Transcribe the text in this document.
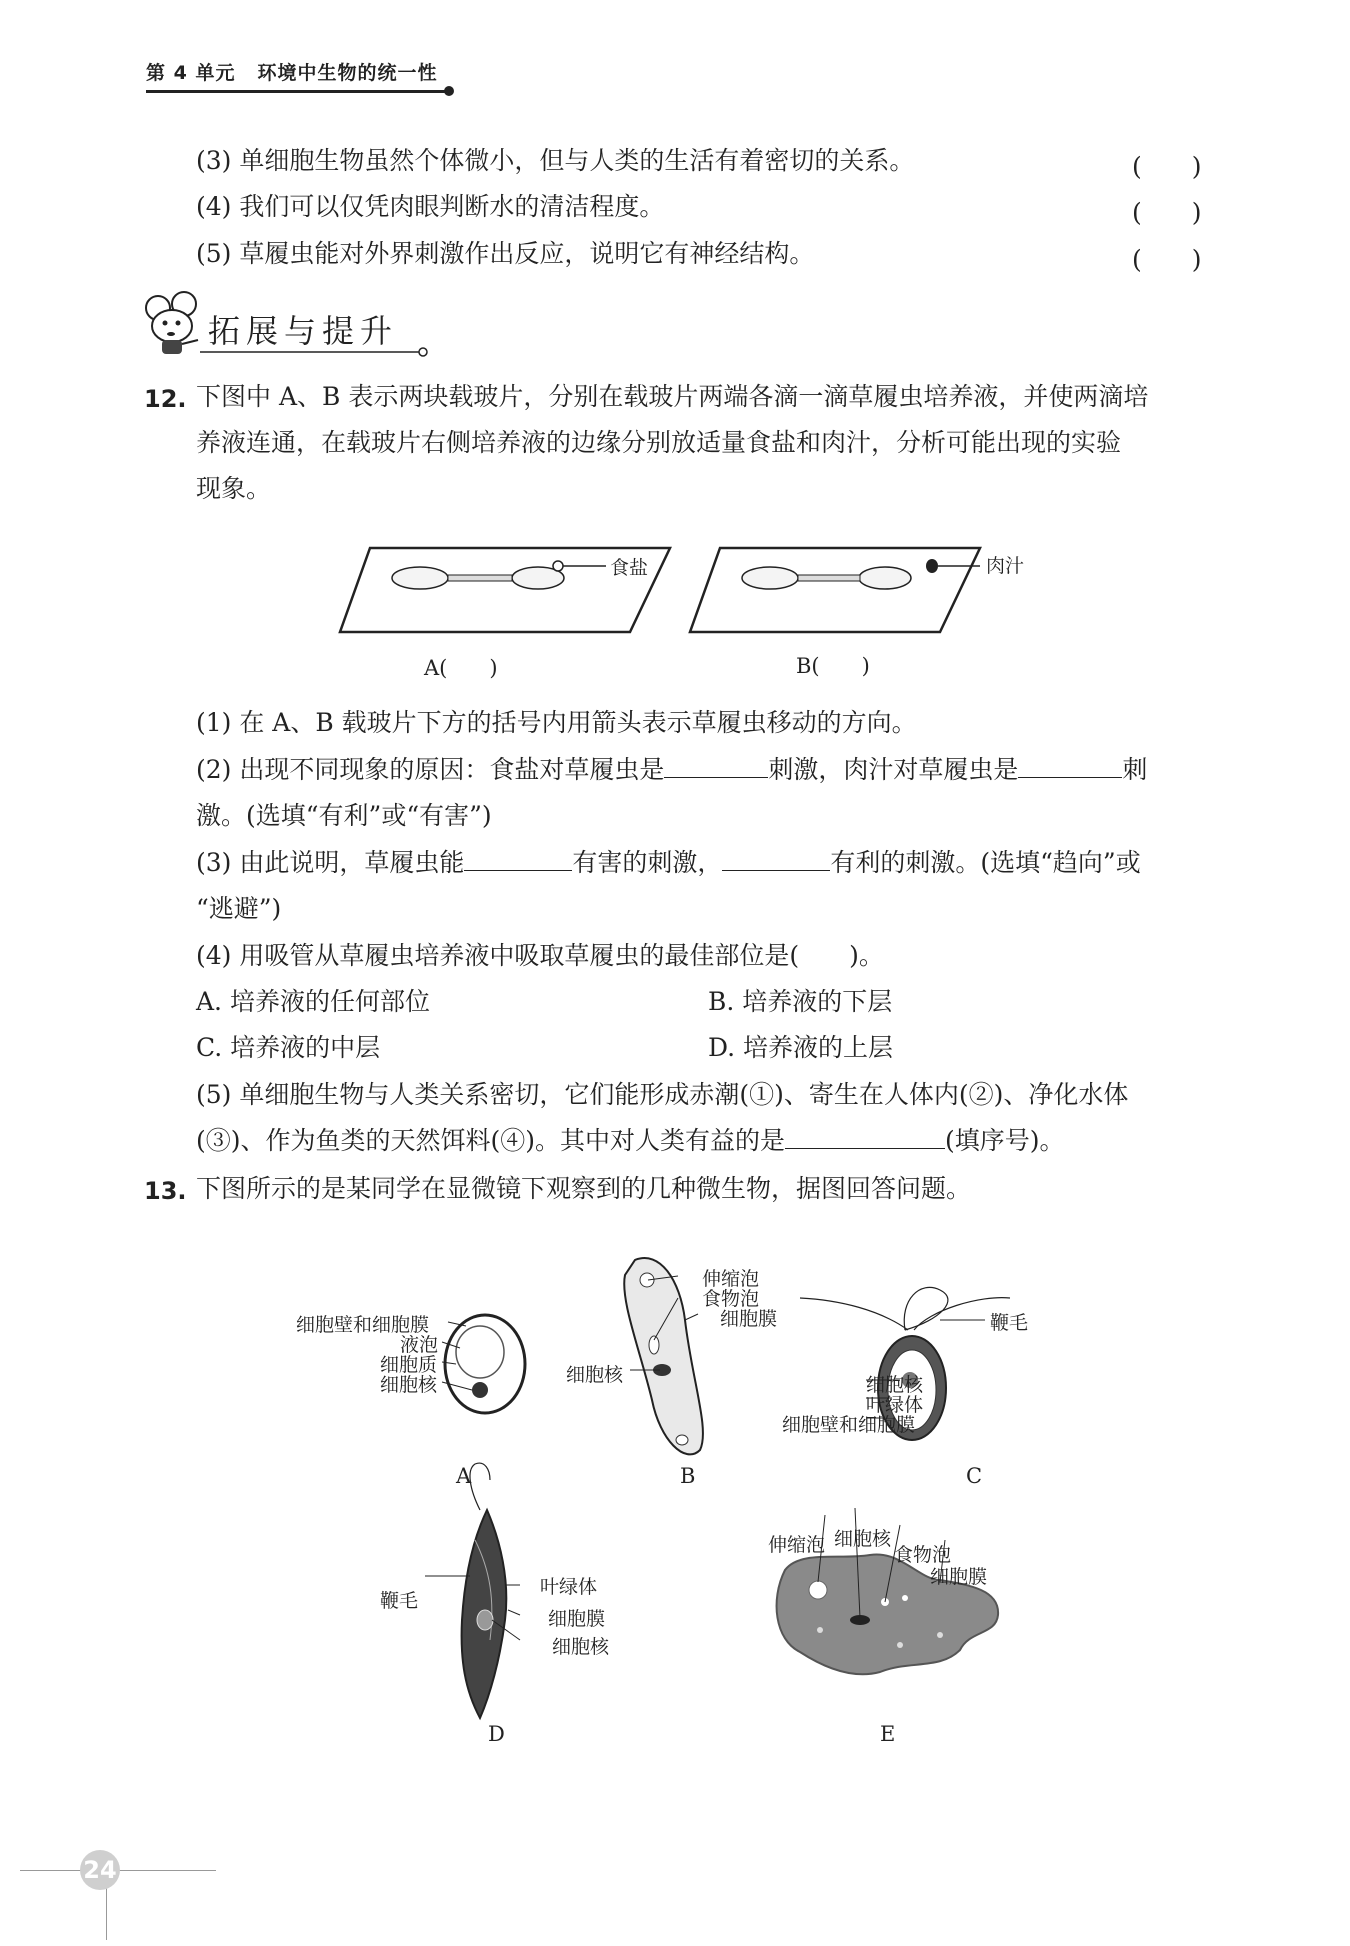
第 4 单元 环境中生物的统一性
(3) 单细胞生物虽然个体微小，但与人类的生活有着密切的关系。	(　　)
(4) 我们可以仅凭肉眼判断水的清洁程度。	(　　)
(5) 草履虫能对外界刺激作出反应，说明它有神经结构。	(　　)
拓展与提升
12. 下图中 A、B 表示两块载玻片，分别在载玻片两端各滴一滴草履虫培养液，并使两滴培
养液连通，在载玻片右侧培养液的边缘分别放适量食盐和肉汁，分析可能出现的实验
现象。
食盐	肉汁
A(　　)	B(　　)
(1) 在 A、B 载玻片下方的括号内用箭头表示草履虫移动的方向。
(2) 出现不同现象的原因：食盐对草履虫是	刺激，肉汁对草履虫是	刺
激。(选填“有利”或“有害”)
(3) 由此说明，草履虫能	有害的刺激，	有利的刺激。(选填“趋向”或
“逃避”)
(4) 用吸管从草履虫培养液中吸取草履虫的最佳部位是(　　)。
A. 培养液的任何部位	B. 培养液的下层
C. 培养液的中层	D. 培养液的上层
(5) 单细胞生物与人类关系密切，它们能形成赤潮(①)、寄生在人体内(②)、净化水体
(③)、作为鱼类的天然饵料(④)。其中对人类有益的是	(填序号)。
13. 下图所示的是某同学在显微镜下观察到的几种微生物，据图回答问题。
细胞壁和细胞膜
液泡
细胞质
细胞核
A
伸缩泡
食物泡
细胞膜
细胞核
B
鞭毛
细胞核
叶绿体
细胞壁和细胞膜
C
叶绿体
鞭毛
细胞膜
细胞核
D
伸缩泡 细胞核
食物泡
细胞膜
E
24
